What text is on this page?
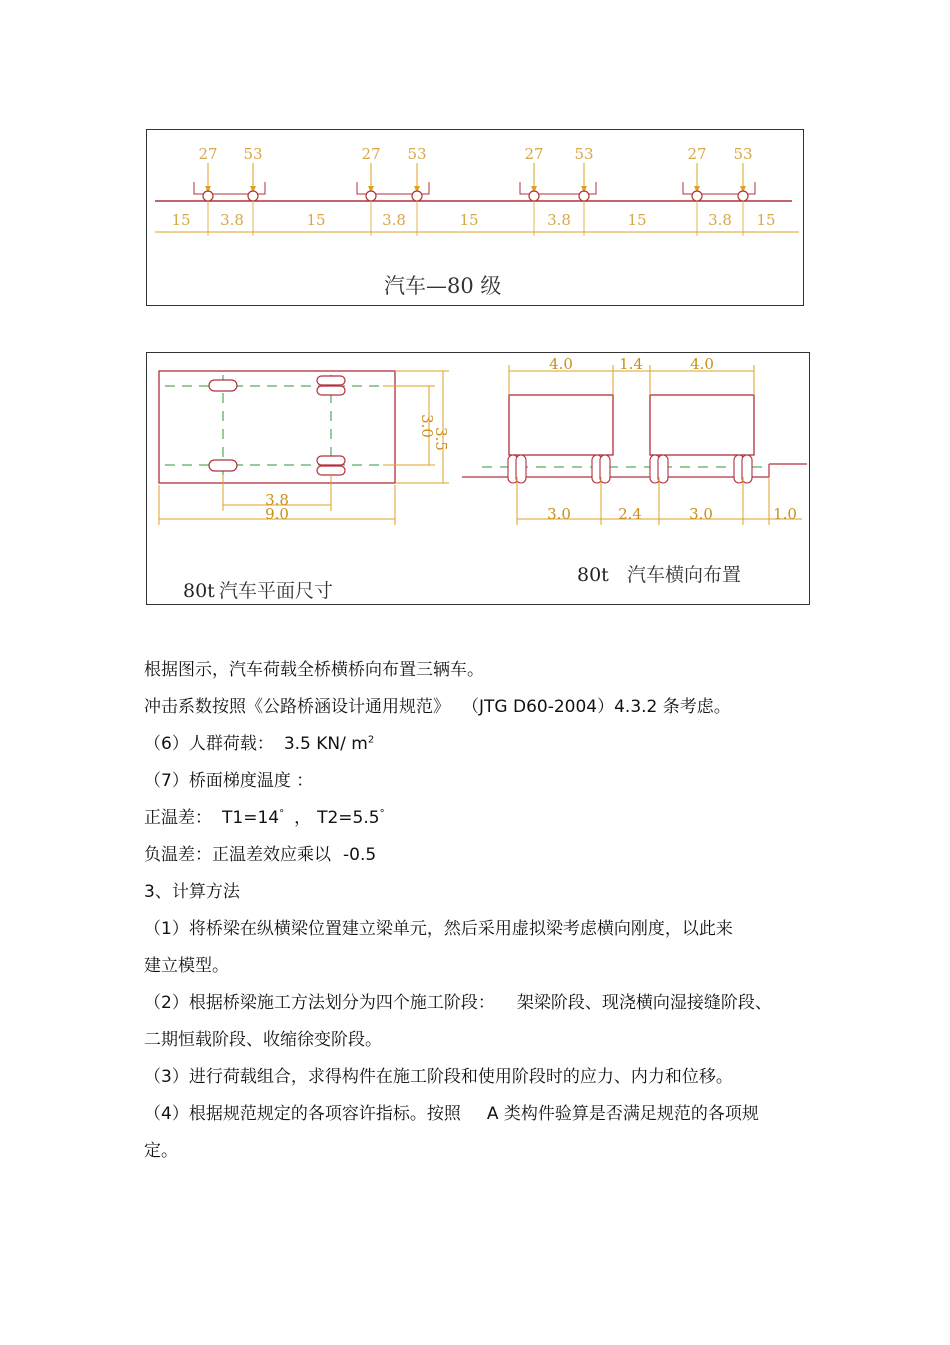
27 53	27 53	27 53	27 53
15 3.8	15	3.8	15	3.8	15	3.8 15
汽车—80 级
3.8
9.0
3.0
3.5
80t 汽车平面尺寸
4.0	1.4	4.0
3.0	2.4	3.0	1.0
80t 汽车横向布置
根据图示，汽车荷载全桥横桥向布置三辆车。
冲击系数按照《公路桥涵设计通用规范》 （JTG D60-2004）4.3.2 条考虑。
（6）人群荷载： 3.5 KN/ $m^2$
（7）桥面梯度温度 ：
正温差： T1=14° ， T2=5.5°
负温差：正温差效应乘以 -0.5
3、计算方法
（1）将桥梁在纵横梁位置建立梁单元，然后采用虚拟梁考虑横向刚度，以此来
建立模型。
（2）根据桥梁施工方法划分为四个施工阶段： 架梁阶段、现浇横向湿接缝阶段、
二期恒载阶段、收缩徐变阶段。
（3）进行荷载组合，求得构件在施工阶段和使用阶段时的应力、内力和位移。
（4）根据规范规定的各项容许指标。按照 A 类构件验算是否满足规范的各项规
定。
